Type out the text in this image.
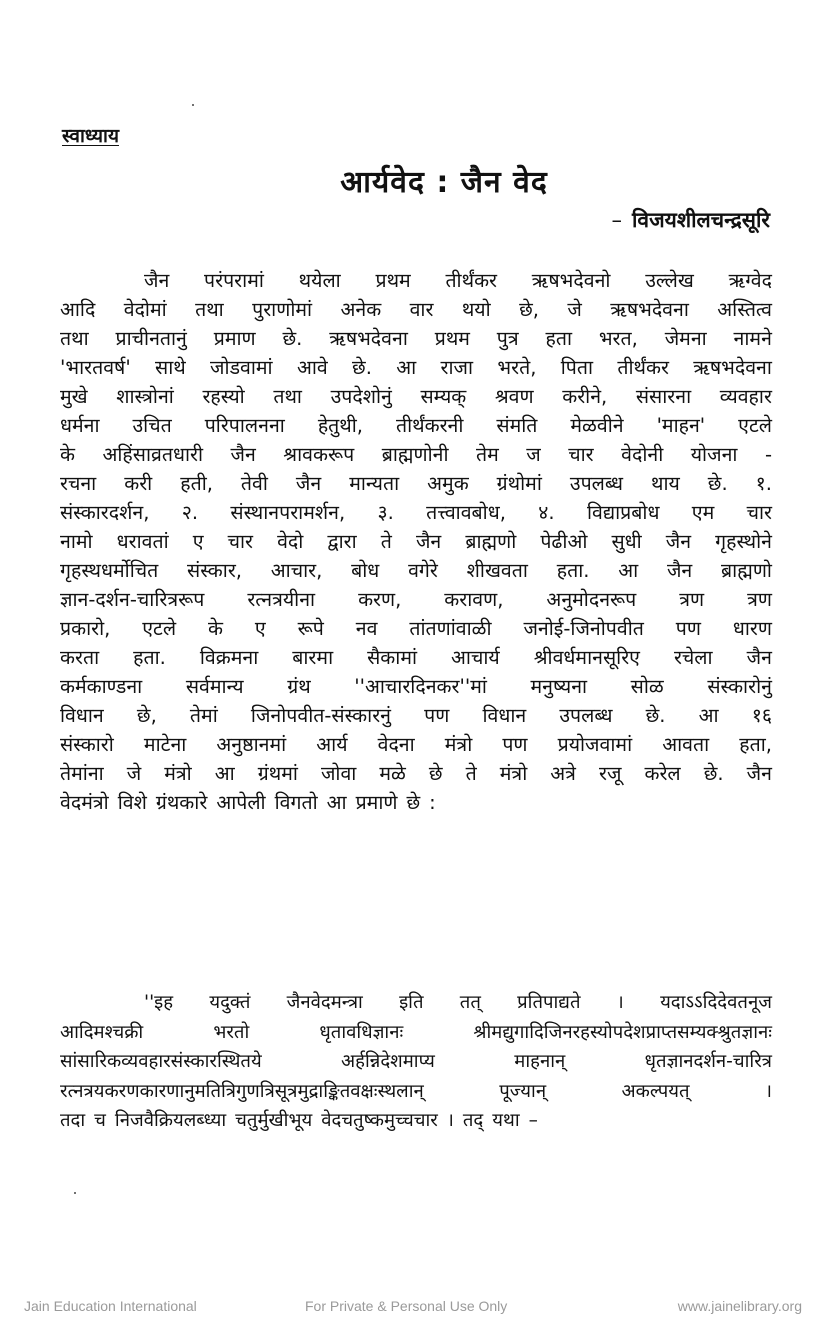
स्वाध्याय
आर्यवेद : जैन वेद
– विजयशीलचन्द्रसूरि
जैन परंपरामां थयेला प्रथम तीर्थंकर ऋषभदेवनो उल्लेख ऋग्वेद
आदि वेदोमां तथा पुराणोमां अनेक वार थयो छे, जे ऋषभदेवना अस्तित्व
तथा प्राचीनतानुं प्रमाण छे. ऋषभदेवना प्रथम पुत्र हता भरत, जेमना नामने
'भारतवर्ष' साथे जोडवामां आवे छे. आ राजा भरते, पिता तीर्थंकर ऋषभदेवना
मुखे शास्त्रोनां रहस्यो तथा उपदेशोनुं सम्यक् श्रवण करीने, संसारना व्यवहार
धर्मना उचित परिपालनना हेतुथी, तीर्थंकरनी संमति मेळवीने 'माहन' एटले
के अहिंसाव्रतधारी जैन श्रावकरूप ब्राह्मणोनी तेम ज चार वेदोनी योजना -
रचना करी हती, तेवी जैन मान्यता अमुक ग्रंथोमां उपलब्ध थाय छे. १.
संस्कारदर्शन, २. संस्थानपरामर्शन, ३. तत्त्वावबोध, ४. विद्याप्रबोध एम चार
नामो धरावतां ए चार वेदो द्वारा ते जैन ब्राह्मणो पेढीओ सुधी जैन गृहस्थोने
गृहस्थधर्मोचित संस्कार, आचार, बोध वगेरे शीखवता हता. आ जैन ब्राह्मणो
ज्ञान-दर्शन-चारित्ररूप रत्नत्रयीना करण, करावण, अनुमोदनरूप त्रण त्रण
प्रकारो, एटले के ए रूपे नव तांतणांवाळी जनोई-जिनोपवीत पण धारण
करता हता. विक्रमना बारमा सैकामां आचार्य श्रीवर्धमानसूरिए रचेला जैन
कर्मकाण्डना सर्वमान्य ग्रंथ ''आचारदिनकर''मां मनुष्यना सोळ संस्कारोनुं
विधान छे, तेमां जिनोपवीत-संस्कारनुं पण विधान उपलब्ध छे. आ १६
संस्कारो माटेना अनुष्ठानमां आर्य वेदना मंत्रो पण प्रयोजवामां आवता हता,
तेमांना जे मंत्रो आ ग्रंथमां जोवा मळे छे ते मंत्रो अत्रे रजू करेल छे. जैन
वेदमंत्रो विशे ग्रंथकारे आपेली विगतो आ प्रमाणे छे :
''इह यदुक्तं जैनवेदमन्त्रा इति तत् प्रतिपाद्यते । यदाऽऽदिदेवतनूज
आदिमश्चक्री	भरतो	धृतावधिज्ञानः	श्रीमद्युगादिजिनरहस्योपदेशप्राप्तसम्यक्श्रुतज्ञानः
सांसारिकव्यवहारसंस्कारस्थितये	अर्हन्निदेशमाप्य	माहनान्	धृतज्ञानदर्शन-चारित्र
रत्नत्रयकरणकारणानुमतित्रिगुणत्रिसूत्रमुद्राङ्कितवक्षःस्थलान्	पूज्यान्	अकल्पयत्	।
तदा च निजवैक्रियलब्ध्या चतुर्मुखीभूय वेदचतुष्कमुच्चचार । तद् यथा –
Jain Education International	For Private & Personal Use Only	www.jainelibrary.org
